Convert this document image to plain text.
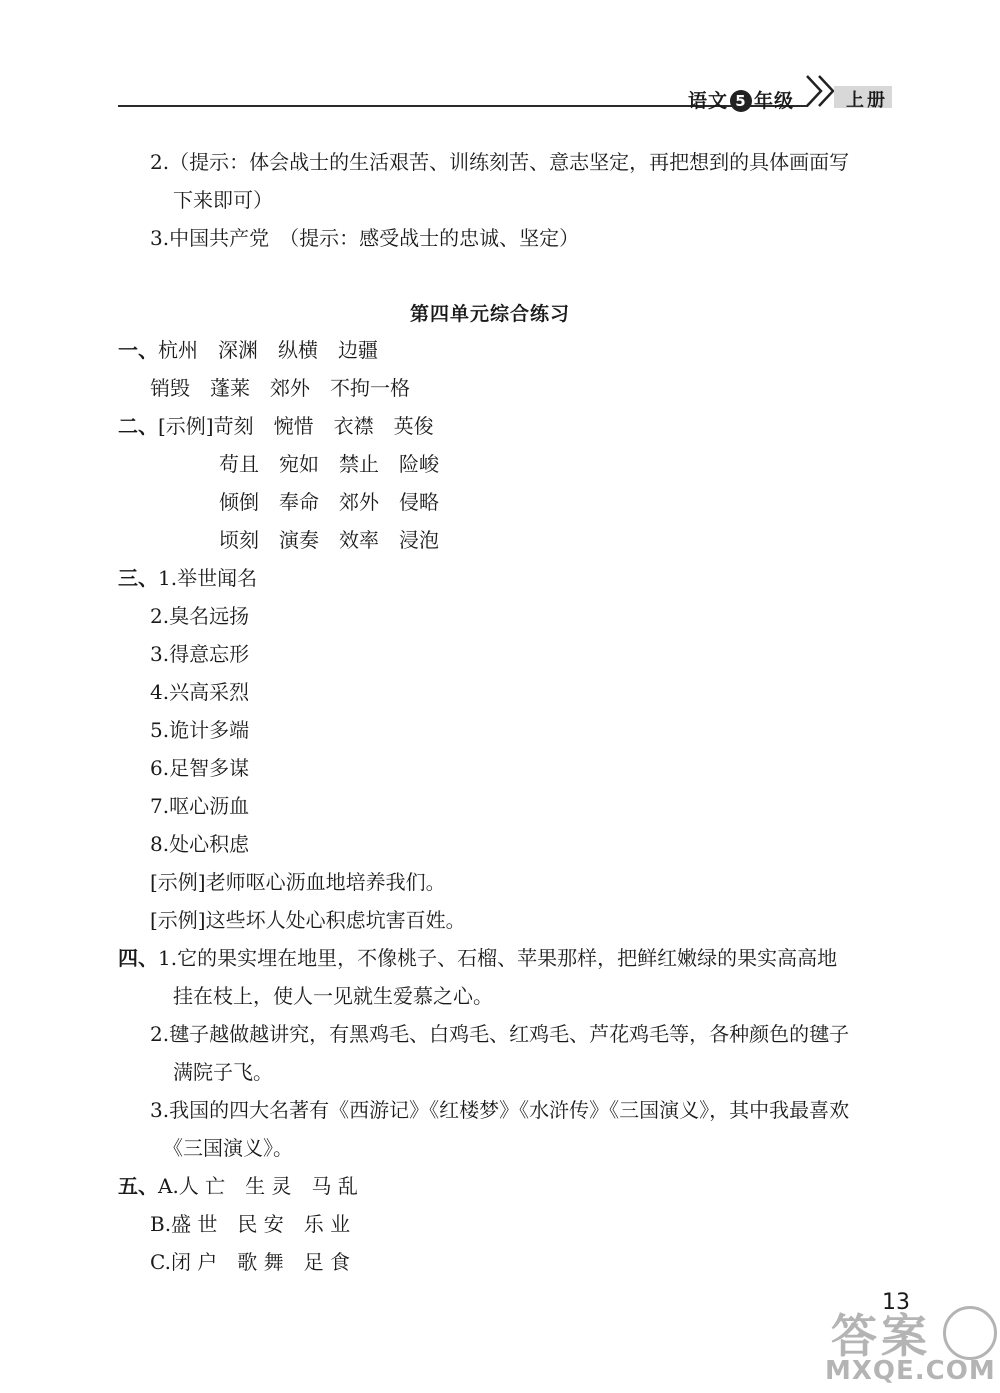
语文 5 年级	上册
2.（提示：体会战士的生活艰苦、训练刻苦、意志坚定，再把想到的具体画面写
下来即可）
3.中国共产党　（提示：感受战士的忠诚、坚定）
第四单元综合练习
一、杭州　深渊　纵横　边疆
销毁　蓬莱　郊外　不拘一格
二、[示例]苛刻　惋惜　衣襟　英俊
苟且　宛如　禁止　险峻
倾倒　奉命　郊外　侵略
顷刻　演奏　效率　浸泡
三、1.举世闻名
2.臭名远扬
3.得意忘形
4.兴高采烈
5.诡计多端
6.足智多谋
7.呕心沥血
8.处心积虑
[示例]老师呕心沥血地培养我们。
[示例]这些坏人处心积虑坑害百姓。
四、1.它的果实埋在地里，不像桃子、石榴、苹果那样，把鲜红嫩绿的果实高高地
挂在枝上，使人一见就生爱慕之心。
2.毽子越做越讲究，有黑鸡毛、白鸡毛、红鸡毛、芦花鸡毛等，各种颜色的毽子
满院子飞。
3.我国的四大名著有《西游记》《红楼梦》《水浒传》《三国演义》，其中我最喜欢
《三国演义》。
五、A.人 亡　生 灵　马 乱
B.盛 世　民 安　乐 业
C.闭 户　歌 舞　足 食
13
答案
MXQE.COM
